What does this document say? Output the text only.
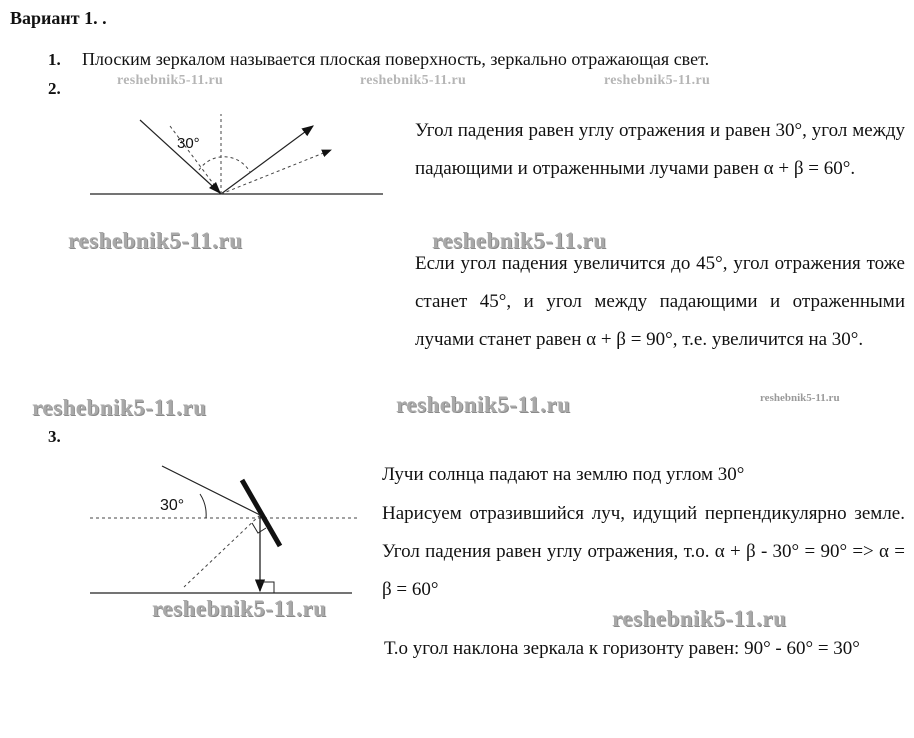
Вариант 1. .
1. Плоским зеркалом называется плоская поверхность, зеркально отражающая свет.
2.	reshebnik5-11.ru	reshebnik5-11.ru	reshebnik5-11.ru
30°
Угол падения равен углу отражения и равен 30°, угол между падающими и отраженными лучами равен α + β = 60°.
reshebnik5-11.ru	reshebnik5-11.ru
Если угол падения увеличится до 45°, угол отражения тоже станет 45°, и угол между падающими и отраженными лучами станет равен α + β = 90°, т.е. увеличится на 30°.
reshebnik5-11.ru	reshebnik5-11.ru	reshebnik5-11.ru
3.
30°
Лучи солнца падают на землю под углом 30°
Нарисуем отразившийся луч, идущий перпендикулярно земле. Угол падения равен углу отражения, т.о. α + β - 30° = 90° => α = β = 60°
reshebnik5-11.ru	reshebnik5-11.ru
Т.о угол наклона зеркала к горизонту равен: 90° - 60° = 30°
